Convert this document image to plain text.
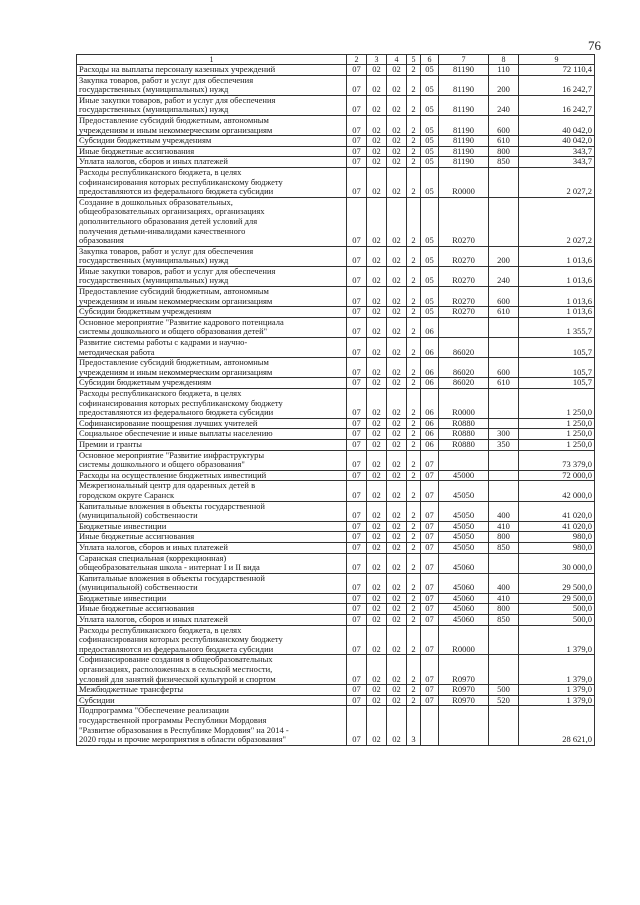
76
1	2	3	4	5	6	7	8	9
Расходы на выплаты персоналу казенных учреждений	07	02	02	2	05	81190	110	72 110,4
Закупка товаров, работ и услуг для обеспечения
государственных (муниципальных) нужд	07	02	02	2	05	81190	200	16 242,7
Иные закупки товаров, работ и услуг для обеспечения
государственных (муниципальных) нужд	07	02	02	2	05	81190	240	16 242,7
Предоставление субсидий бюджетным, автономным
учреждениям и иным некоммерческим организациям	07	02	02	2	05	81190	600	40 042,0
Субсидии бюджетным учреждениям	07	02	02	2	05	81190	610	40 042,0
Иные бюджетные ассигнования	07	02	02	2	05	81190	800	343,7
Уплата налогов, сборов и иных платежей	07	02	02	2	05	81190	850	343,7
Расходы республиканского бюджета, в целях
софинансирования которых республиканскому бюджету
предоставляются из федерального бюджета субсидии	07	02	02	2	05	R0000		2 027,2
Создание в дошкольных образовательных,
общеобразовательных организациях, организациях
дополнительного образования детей условий для
получения детьми-инвалидами качественного
образования	07	02	02	2	05	R0270		2 027,2
Закупка товаров, работ и услуг для обеспечения
государственных (муниципальных) нужд	07	02	02	2	05	R0270	200	1 013,6
Иные закупки товаров, работ и услуг для обеспечения
государственных (муниципальных) нужд	07	02	02	2	05	R0270	240	1 013,6
Предоставление субсидий бюджетным, автономным
учреждениям и иным некоммерческим организациям	07	02	02	2	05	R0270	600	1 013,6
Субсидии бюджетным учреждениям	07	02	02	2	05	R0270	610	1 013,6
Основное мероприятие "Развитие кадрового потенциала
системы дошкольного и общего образования детей"	07	02	02	2	06			1 355,7
Развитие системы работы с кадрами и научно-
методическая работа	07	02	02	2	06	86020		105,7
Предоставление субсидий бюджетным, автономным
учреждениям и иным некоммерческим организациям	07	02	02	2	06	86020	600	105,7
Субсидии бюджетным учреждениям	07	02	02	2	06	86020	610	105,7
Расходы республиканского бюджета, в целях
софинансирования которых республиканскому бюджету
предоставляются из федерального бюджета субсидии	07	02	02	2	06	R0000		1 250,0
Софинансирование поощрения лучших учителей	07	02	02	2	06	R0880		1 250,0
Социальное обеспечение и иные выплаты населению	07	02	02	2	06	R0880	300	1 250,0
Премии и гранты	07	02	02	2	06	R0880	350	1 250,0
Основное мероприятие "Развитие инфраструктуры
системы дошкольного и общего образования"	07	02	02	2	07			73 379,0
Расходы на осуществление бюджетных инвестиций	07	02	02	2	07	45000		72 000,0
Межрегиональный центр для одаренных детей в
городском округе Саранск	07	02	02	2	07	45050		42 000,0
Капитальные вложения в объекты государственной
(муниципальной) собственности	07	02	02	2	07	45050	400	41 020,0
Бюджетные инвестиции	07	02	02	2	07	45050	410	41 020,0
Иные бюджетные ассигнования	07	02	02	2	07	45050	800	980,0
Уплата налогов, сборов и иных платежей	07	02	02	2	07	45050	850	980,0
Саранская специальная (коррекционная)
общеобразовательная школа - интернат I и II вида	07	02	02	2	07	45060		30 000,0
Капитальные вложения в объекты государственной
(муниципальной) собственности	07	02	02	2	07	45060	400	29 500,0
Бюджетные инвестиции	07	02	02	2	07	45060	410	29 500,0
Иные бюджетные ассигнования	07	02	02	2	07	45060	800	500,0
Уплата налогов, сборов и иных платежей	07	02	02	2	07	45060	850	500,0
Расходы республиканского бюджета, в целях
софинансирования которых республиканскому бюджету
предоставляются из федерального бюджета субсидии	07	02	02	2	07	R0000		1 379,0
Софинансирование создания в общеобразовательных
организациях, расположенных в сельской местности,
условий для занятий физической культурой и спортом	07	02	02	2	07	R0970		1 379,0
Межбюджетные трансферты	07	02	02	2	07	R0970	500	1 379,0
Субсидии	07	02	02	2	07	R0970	520	1 379,0
Подпрограмма "Обеспечение реализации
государственной программы Республики Мордовия
"Развитие образования в Республике Мордовия" на 2014 -
2020 годы и прочие мероприятия в области образования"	07	02	02	3				28 621,0
